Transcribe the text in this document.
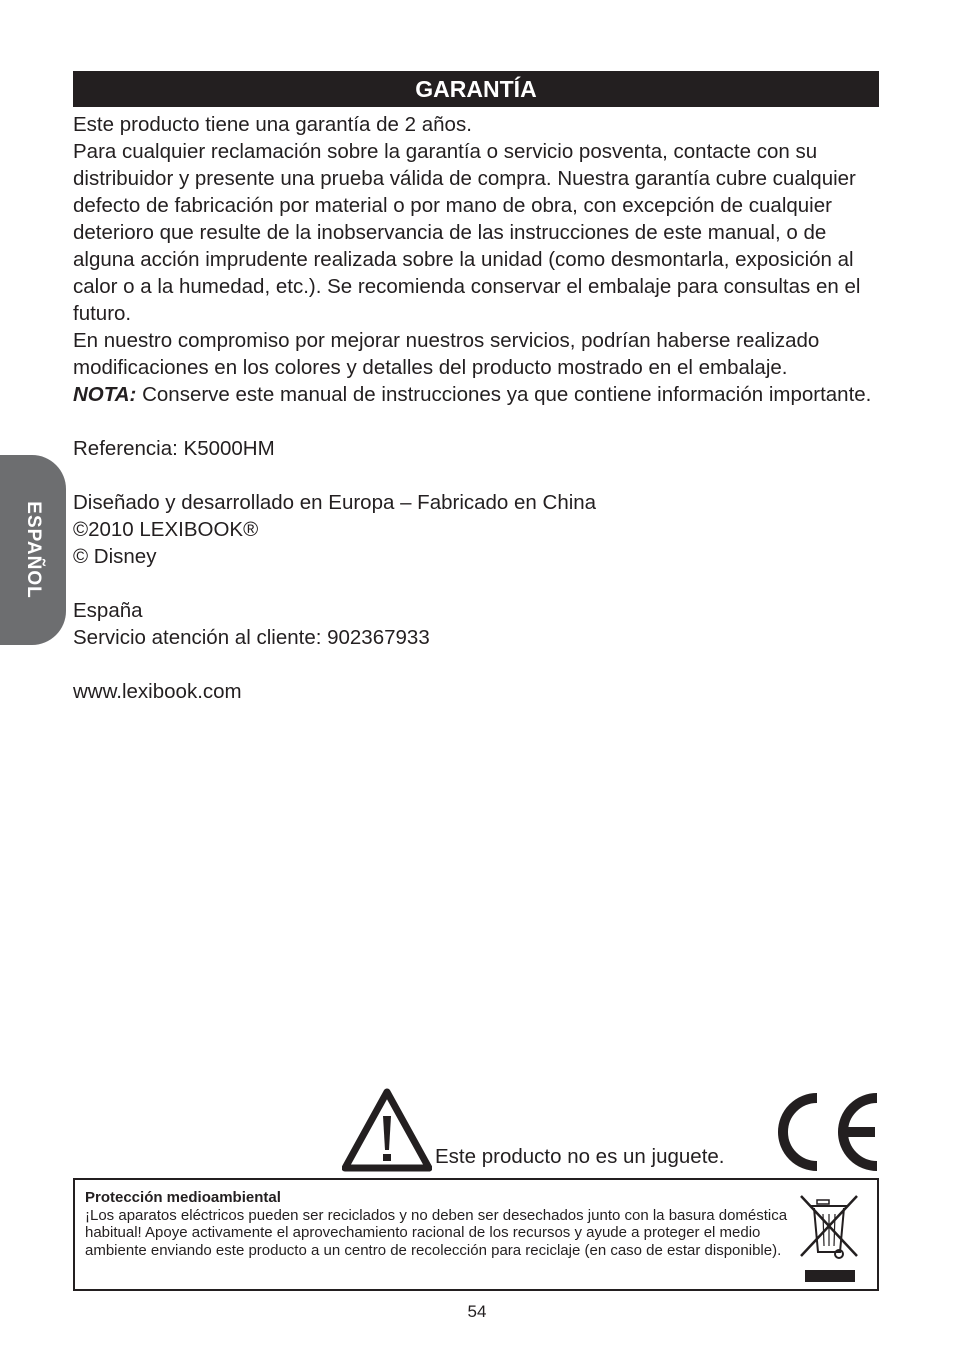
ESPAÑOL
GARANTÍA

Este producto tiene una garantía de 2 años.

Para cualquier reclamación sobre la garantía o servicio posventa, contacte con su distribuidor y presente una prueba válida de compra. Nuestra garantía cubre cualquier defecto de fabricación por material o por mano de obra, con excepción de cualquier deterioro que resulte de la inobservancia de las instrucciones de este manual, o de alguna acción imprudente realizada sobre la unidad (como desmontarla, exposición al calor o a la humedad, etc.). Se recomienda conservar el embalaje para consultas en el futuro.

En nuestro compromiso por mejorar nuestros servicios, podrían haberse realizado modificaciones en los colores y detalles del producto mostrado en el embalaje.

NOTA: Conserve este manual de instrucciones ya que contiene información importante.

Referencia: K5000HM

Diseñado y desarrollado en Europa – Fabricado en China

©2010 LEXIBOOK®

© Disney

España

Servicio atención al cliente: 902367933

www.lexibook.com

Este producto no es un juguete.

Protección medioambiental

¡Los aparatos eléctricos pueden ser reciclados y no deben ser desechados junto con la basura doméstica habitual! Apoye activamente el aprovechamiento racional de los recursos y ayude a proteger el medio ambiente enviando este producto a un centro de recolección para reciclaje (en caso de estar disponible).

54
